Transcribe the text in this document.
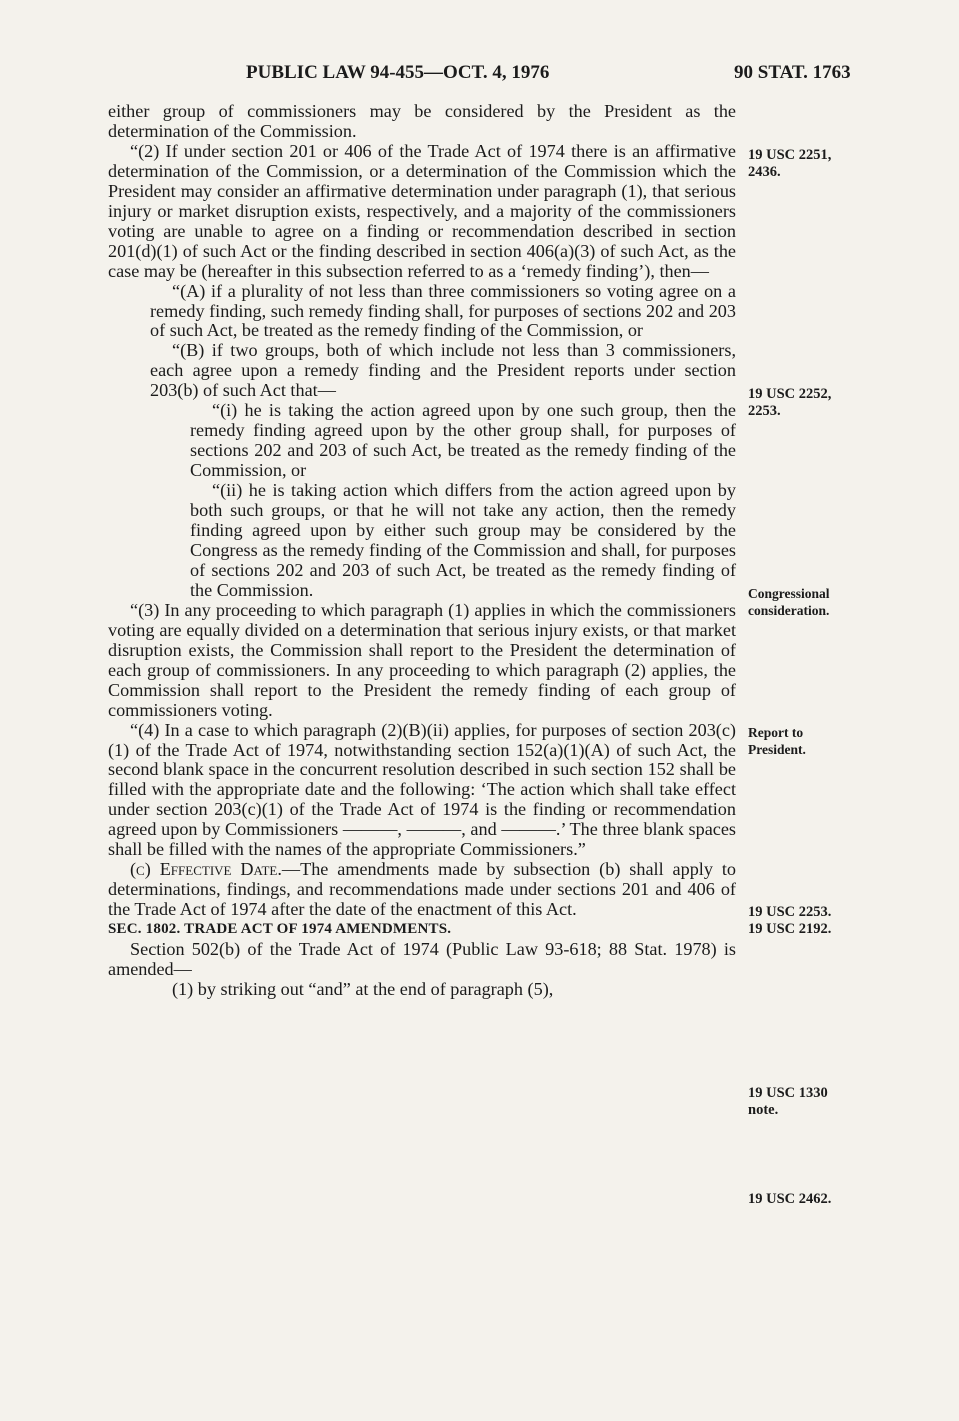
PUBLIC LAW 94-455—OCT. 4, 1976	90 STAT. 1763

either group of commissioners may be considered by the President as the determination of the Commission.

“(2) If under section 201 or 406 of the Trade Act of 1974 there is an affirmative determination of the Commission, or a determination of the Commission which the President may consider an affirmative determination under paragraph (1), that serious injury or market disruption exists, respectively, and a majority of the commissioners voting are unable to agree on a finding or recommendation described in section 201(d)(1) of such Act or the finding described in section 406(a)(3) of such Act, as the case may be (hereafter in this subsection referred to as a ‘remedy finding’), then—

“(A) if a plurality of not less than three commissioners so voting agree on a remedy finding, such remedy finding shall, for purposes of sections 202 and 203 of such Act, be treated as the remedy finding of the Commission, or

“(B) if two groups, both of which include not less than 3 commissioners, each agree upon a remedy finding and the President reports under section 203(b) of such Act that—

“(i) he is taking the action agreed upon by one such group, then the remedy finding agreed upon by the other group shall, for purposes of sections 202 and 203 of such Act, be treated as the remedy finding of the Commission, or

“(ii) he is taking action which differs from the action agreed upon by both such groups, or that he will not take any action, then the remedy finding agreed upon by either such group may be considered by the Congress as the remedy finding of the Commission and shall, for purposes of sections 202 and 203 of such Act, be treated as the remedy finding of the Commission.

“(3) In any proceeding to which paragraph (1) applies in which the commissioners voting are equally divided on a determination that serious injury exists, or that market disruption exists, the Commission shall report to the President the determination of each group of commissioners. In any proceeding to which paragraph (2) applies, the Commission shall report to the President the remedy finding of each group of commissioners voting.

“(4) In a case to which paragraph (2)(B)(ii) applies, for purposes of section 203(c)(1) of the Trade Act of 1974, notwithstanding section 152(a)(1)(A) of such Act, the second blank space in the concurrent resolution described in such section 152 shall be filled with the appropriate date and the following: ‘The action which shall take effect under section 203(c)(1) of the Trade Act of 1974 is the finding or recommendation agreed upon by Commissioners ———, ———, and ———.’ The three blank spaces shall be filled with the names of the appropriate Commissioners.”

(c) Effective Date.—The amendments made by subsection (b) shall apply to determinations, findings, and recommendations made under sections 201 and 406 of the Trade Act of 1974 after the date of the enactment of this Act.

SEC. 1802. TRADE ACT OF 1974 AMENDMENTS.

Section 502(b) of the Trade Act of 1974 (Public Law 93-618; 88 Stat. 1978) is amended—

(1) by striking out “and” at the end of paragraph (5),

19 USC 2251,
2436.
19 USC 2252,
2253.
Congressional
consideration.
Report to
President.
19 USC 2253.
19 USC 2192.
19 USC 1330
note.
19 USC 2462.
